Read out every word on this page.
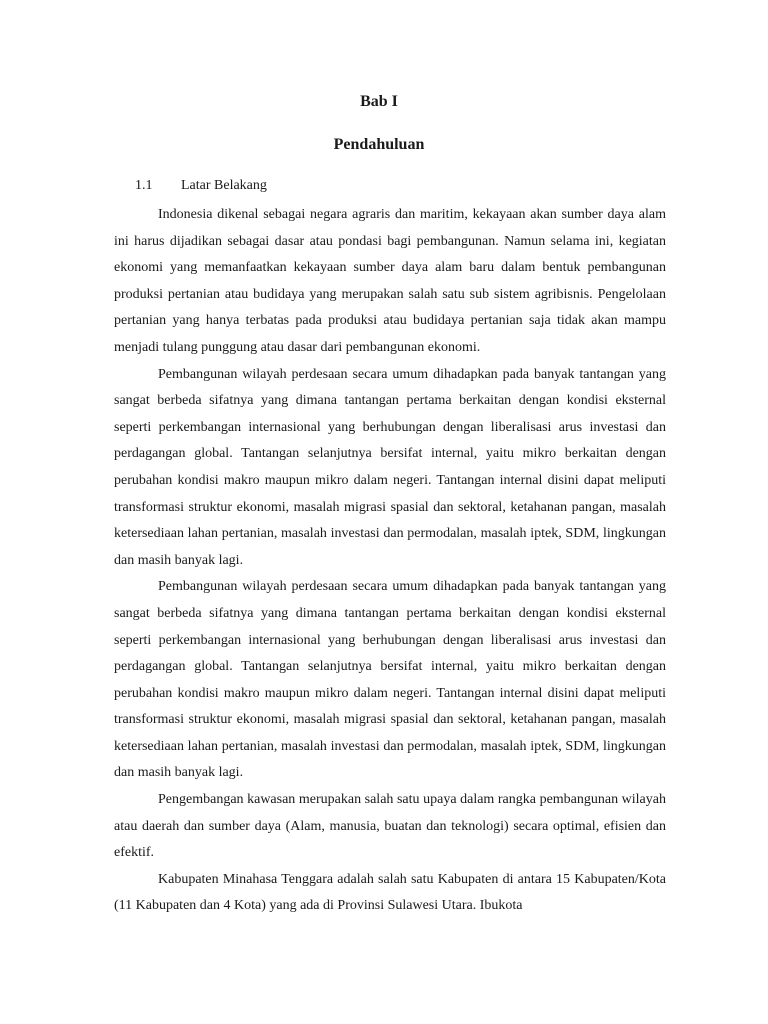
Bab I
Pendahuluan
1.1 Latar Belakang

Indonesia dikenal sebagai negara agraris dan maritim, kekayaan akan sumber daya alam ini harus dijadikan sebagai dasar atau pondasi bagi pembangunan. Namun selama ini, kegiatan ekonomi yang memanfaatkan kekayaan sumber daya alam baru dalam bentuk pembangunan produksi pertanian atau budidaya yang merupakan salah satu sub sistem agribisnis. Pengelolaan pertanian yang hanya terbatas pada produksi atau budidaya pertanian saja tidak akan mampu menjadi tulang punggung atau dasar dari pembangunan ekonomi.

Pembangunan wilayah perdesaan secara umum dihadapkan pada banyak tantangan yang sangat berbeda sifatnya yang dimana tantangan pertama berkaitan dengan kondisi eksternal seperti perkembangan internasional yang berhubungan dengan liberalisasi arus investasi dan perdagangan global. Tantangan selanjutnya bersifat internal, yaitu mikro berkaitan dengan perubahan kondisi makro maupun mikro dalam negeri. Tantangan internal disini dapat meliputi transformasi struktur ekonomi, masalah migrasi spasial dan sektoral, ketahanan pangan, masalah ketersediaan lahan pertanian, masalah investasi dan permodalan, masalah iptek, SDM, lingkungan dan masih banyak lagi.

Pembangunan wilayah perdesaan secara umum dihadapkan pada banyak tantangan yang sangat berbeda sifatnya yang dimana tantangan pertama berkaitan dengan kondisi eksternal seperti perkembangan internasional yang berhubungan dengan liberalisasi arus investasi dan perdagangan global. Tantangan selanjutnya bersifat internal, yaitu mikro berkaitan dengan perubahan kondisi makro maupun mikro dalam negeri. Tantangan internal disini dapat meliputi transformasi struktur ekonomi, masalah migrasi spasial dan sektoral, ketahanan pangan, masalah ketersediaan lahan pertanian, masalah investasi dan permodalan, masalah iptek, SDM, lingkungan dan masih banyak lagi.

Pengembangan kawasan merupakan salah satu upaya dalam rangka pembangunan wilayah atau daerah dan sumber daya (Alam, manusia, buatan dan teknologi) secara optimal, efisien dan efektif.

Kabupaten Minahasa Tenggara adalah salah satu Kabupaten di antara 15 Kabupaten/Kota (11 Kabupaten dan 4 Kota) yang ada di Provinsi Sulawesi Utara. Ibukota
